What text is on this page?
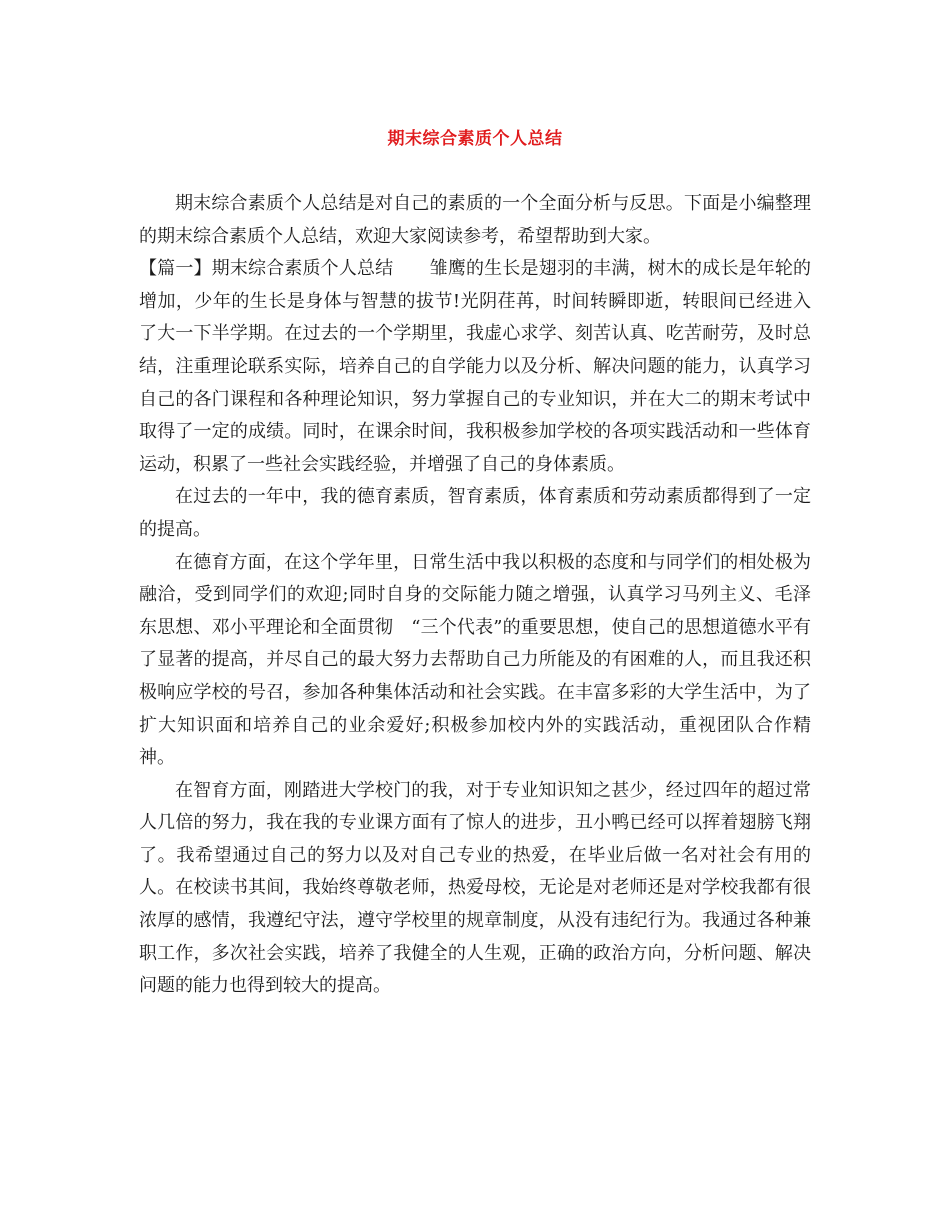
期末综合素质个人总结

期末综合素质个人总结是对自己的素质的一个全面分析与反思。下面是小编整理的期末综合素质个人总结，欢迎大家阅读参考，希望帮助到大家。

【篇一】期末综合素质个人总结　　雏鹰的生长是翅羽的丰满，树木的成长是年轮的增加，少年的生长是身体与智慧的拔节!光阴荏苒，时间转瞬即逝，转眼间已经进入了大一下半学期。在过去的一个学期里，我虚心求学、刻苦认真、吃苦耐劳，及时总结，注重理论联系实际，培养自己的自学能力以及分析、解决问题的能力，认真学习自己的各门课程和各种理论知识，努力掌握自己的专业知识，并在大二的期末考试中取得了一定的成绩。同时，在课余时间，我积极参加学校的各项实践活动和一些体育运动，积累了一些社会实践经验，并增强了自己的身体素质。

在过去的一年中，我的德育素质，智育素质，体育素质和劳动素质都得到了一定的提高。

在德育方面，在这个学年里，日常生活中我以积极的态度和与同学们的相处极为融洽，受到同学们的欢迎;同时自身的交际能力随之增强，认真学习马列主义、毛泽东思想、邓小平理论和全面贯彻　“三个代表”的重要思想，使自己的思想道德水平有了显著的提高，并尽自己的最大努力去帮助自己力所能及的有困难的人，而且我还积极响应学校的号召，参加各种集体活动和社会实践。在丰富多彩的大学生活中，为了扩大知识面和培养自己的业余爱好;积极参加校内外的实践活动，重视团队合作精神。

在智育方面，刚踏进大学校门的我，对于专业知识知之甚少，经过四年的超过常人几倍的努力，我在我的专业课方面有了惊人的进步，丑小鸭已经可以挥着翅膀飞翔了。我希望通过自己的努力以及对自己专业的热爱，在毕业后做一名对社会有用的人。在校读书其间，我始终尊敬老师，热爱母校，无论是对老师还是对学校我都有很浓厚的感情，我遵纪守法，遵守学校里的规章制度，从没有违纪行为。我通过各种兼职工作，多次社会实践，培养了我健全的人生观，正确的政治方向，分析问题、解决问题的能力也得到较大的提高。
